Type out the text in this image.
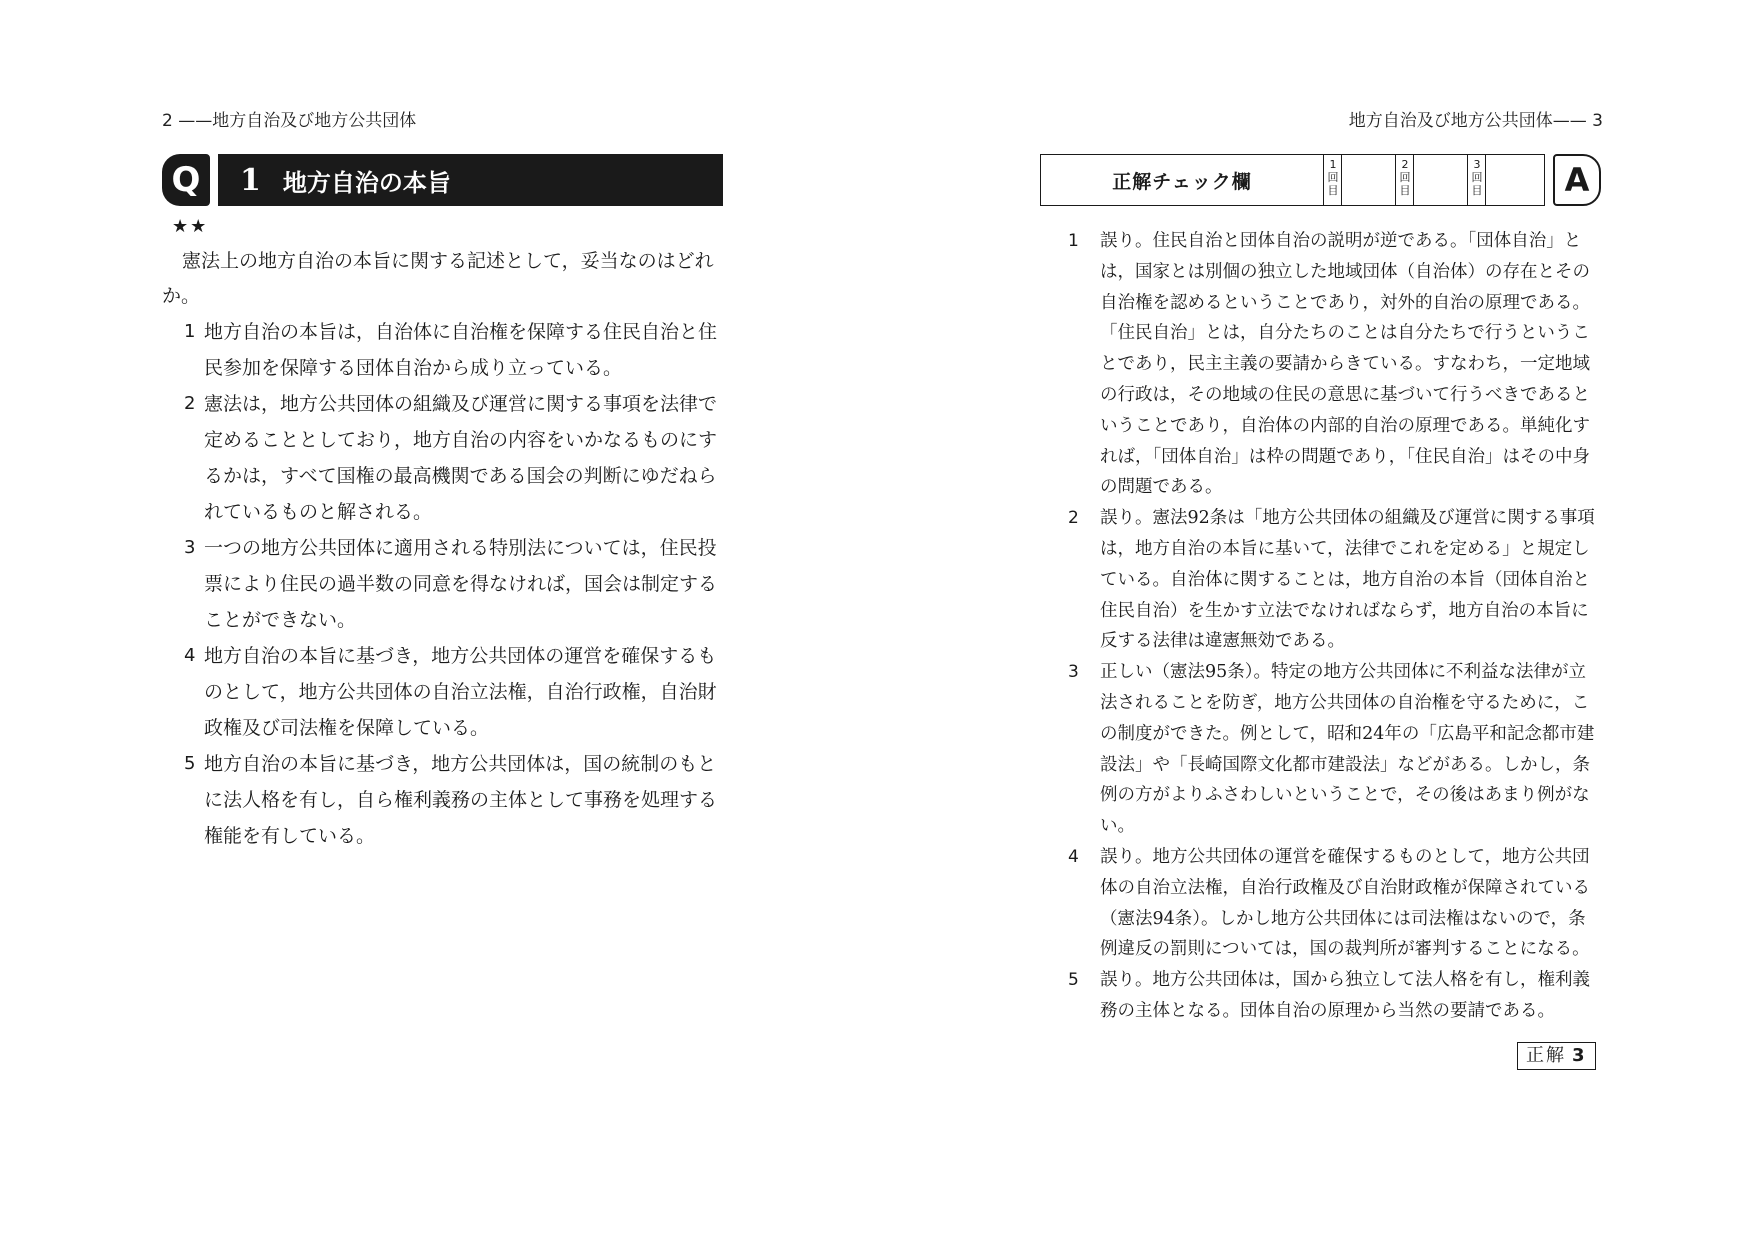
2 ——地方自治及び地方公共団体	地方自治及び地方公共団体—— 3
Q	1 地方自治の本旨
★★
憲法上の地方自治の本旨に関する記述として，妥当なのはどれか。
1 地方自治の本旨は，自治体に自治権を保障する住民自治と住民参加を保障する団体自治から成り立っている。
2 憲法は，地方公共団体の組織及び運営に関する事項を法律で定めることとしており，地方自治の内容をいかなるものにするかは，すべて国権の最高機関である国会の判断にゆだねられているものと解される。
3 一つの地方公共団体に適用される特別法については，住民投票により住民の過半数の同意を得なければ，国会は制定することができない。
4 地方自治の本旨に基づき，地方公共団体の運営を確保するものとして，地方公共団体の自治立法権，自治行政権，自治財政権及び司法権を保障している。
5 地方自治の本旨に基づき，地方公共団体は，国の統制のもとに法人格を有し，自ら権利義務の主体として事務を処理する権能を有している。
正解チェック欄
1回目
2回目
3回目	A
1	誤り。住民自治と団体自治の説明が逆である。「団体自治」とは，国家とは別個の独立した地域団体（自治体）の存在とその自治権を認めるということであり，対外的自治の原理である。「住民自治」とは，自分たちのことは自分たちで行うということであり，民主主義の要請からきている。すなわち，一定地域の行政は，その地域の住民の意思に基づいて行うべきであるということであり，自治体の内部的自治の原理である。単純化すれば，「団体自治」は枠の問題であり，「住民自治」はその中身の問題である。
2	誤り。憲法92条は「地方公共団体の組織及び運営に関する事項は，地方自治の本旨に基いて，法律でこれを定める」と規定している。自治体に関することは，地方自治の本旨（団体自治と住民自治）を生かす立法でなければならず，地方自治の本旨に反する法律は違憲無効である。
3	正しい（憲法95条）。特定の地方公共団体に不利益な法律が立法されることを防ぎ，地方公共団体の自治権を守るために，この制度ができた。例として，昭和24年の「広島平和記念都市建設法」や「長崎国際文化都市建設法」などがある。しかし，条例の方がよりふさわしいということで，その後はあまり例がない。
4	誤り。地方公共団体の運営を確保するものとして，地方公共団体の自治立法権，自治行政権及び自治財政権が保障されている（憲法94条）。しかし地方公共団体には司法権はないので，条例違反の罰則については，国の裁判所が審判することになる。
5	誤り。地方公共団体は，国から独立して法人格を有し，権利義務の主体となる。団体自治の原理から当然の要請である。
正解 3
